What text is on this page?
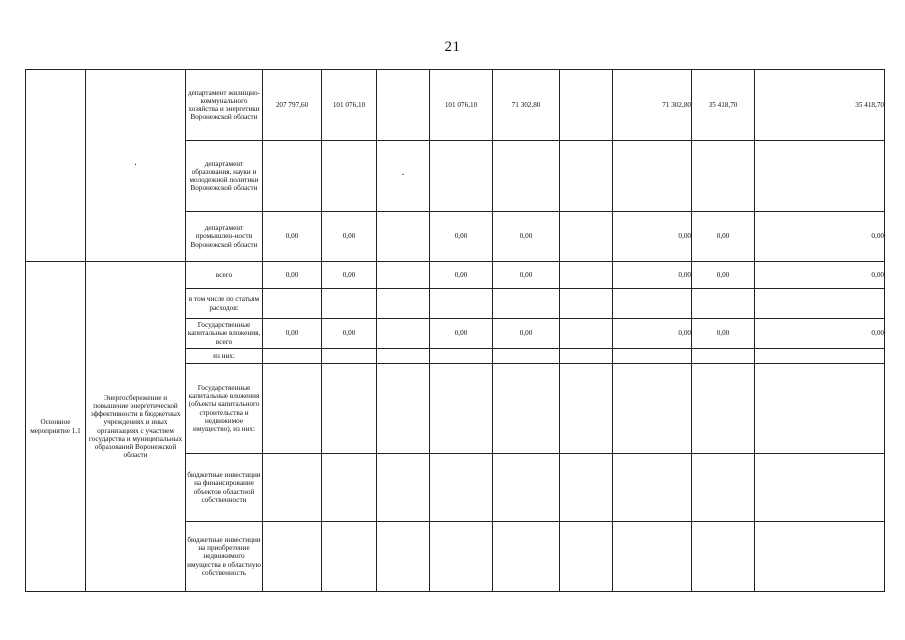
21

	·	департамент жилищно-коммунального хозяйства и энергетики Воронежской области	207 797,60	101 076,10		101 076,10	71 302,80		71 302,80	35 418,70	35 418,70
		департамент образования, науки и молодежной политики Воронежской области			·						

		департамент промышлен-ности Воронежской области	0,00	0,00		0,00	0,00		0,00	0,00	0,00
Основное мероприятие 1.1	Энергосбережение и повышение энергетической эффективности в бюджетных учреждениях и иных организациях с участием государства и муниципальных образований Воронежской области	всего	0,00	0,00		0,00	0,00		0,00	0,00	0,00
		в том числе по статьям расходов:									
		Государственные капитальные вложения, всего	0,00	0,00		0,00	0,00		0,00	0,00	0,00
		из них:									
		Государственные капитальные вложения (объекты капитального строительства и недвижимое имущество), из них:									
		бюджетные инвестиции на финансирование объектов областной собственности									
		бюджетные инвестиции на приобретение недвижимого имущества в областную собственность									
